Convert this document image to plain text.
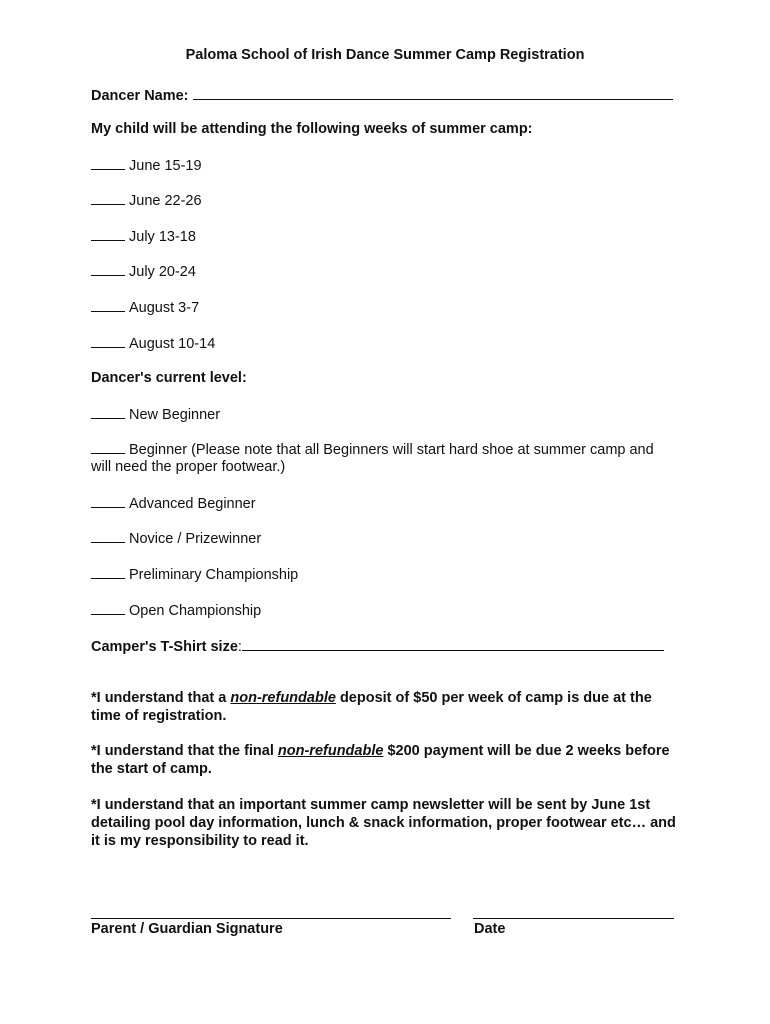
Paloma School of Irish Dance Summer Camp Registration
Dancer Name:
My child will be attending the following weeks of summer camp:
June 15-19
June 22-26
July 13-18
July 20-24
August 3-7
August 10-14
Dancer's current level:
New Beginner
Beginner (Please note that all Beginners will start hard shoe at summer camp and
will need the proper footwear.)
Advanced Beginner
Novice / Prizewinner
Preliminary Championship
Open Championship
Camper's T-Shirt size:
*I understand that a non-refundable deposit of $50 per week of camp is due at the time of registration.
*I understand that the final non-refundable $200 payment will be due 2 weeks before the start of camp.
*I understand that an important summer camp newsletter will be sent by June 1st detailing pool day information, lunch & snack information, proper footwear etc… and it is my responsibility to read it.
Parent / Guardian Signature	Date
